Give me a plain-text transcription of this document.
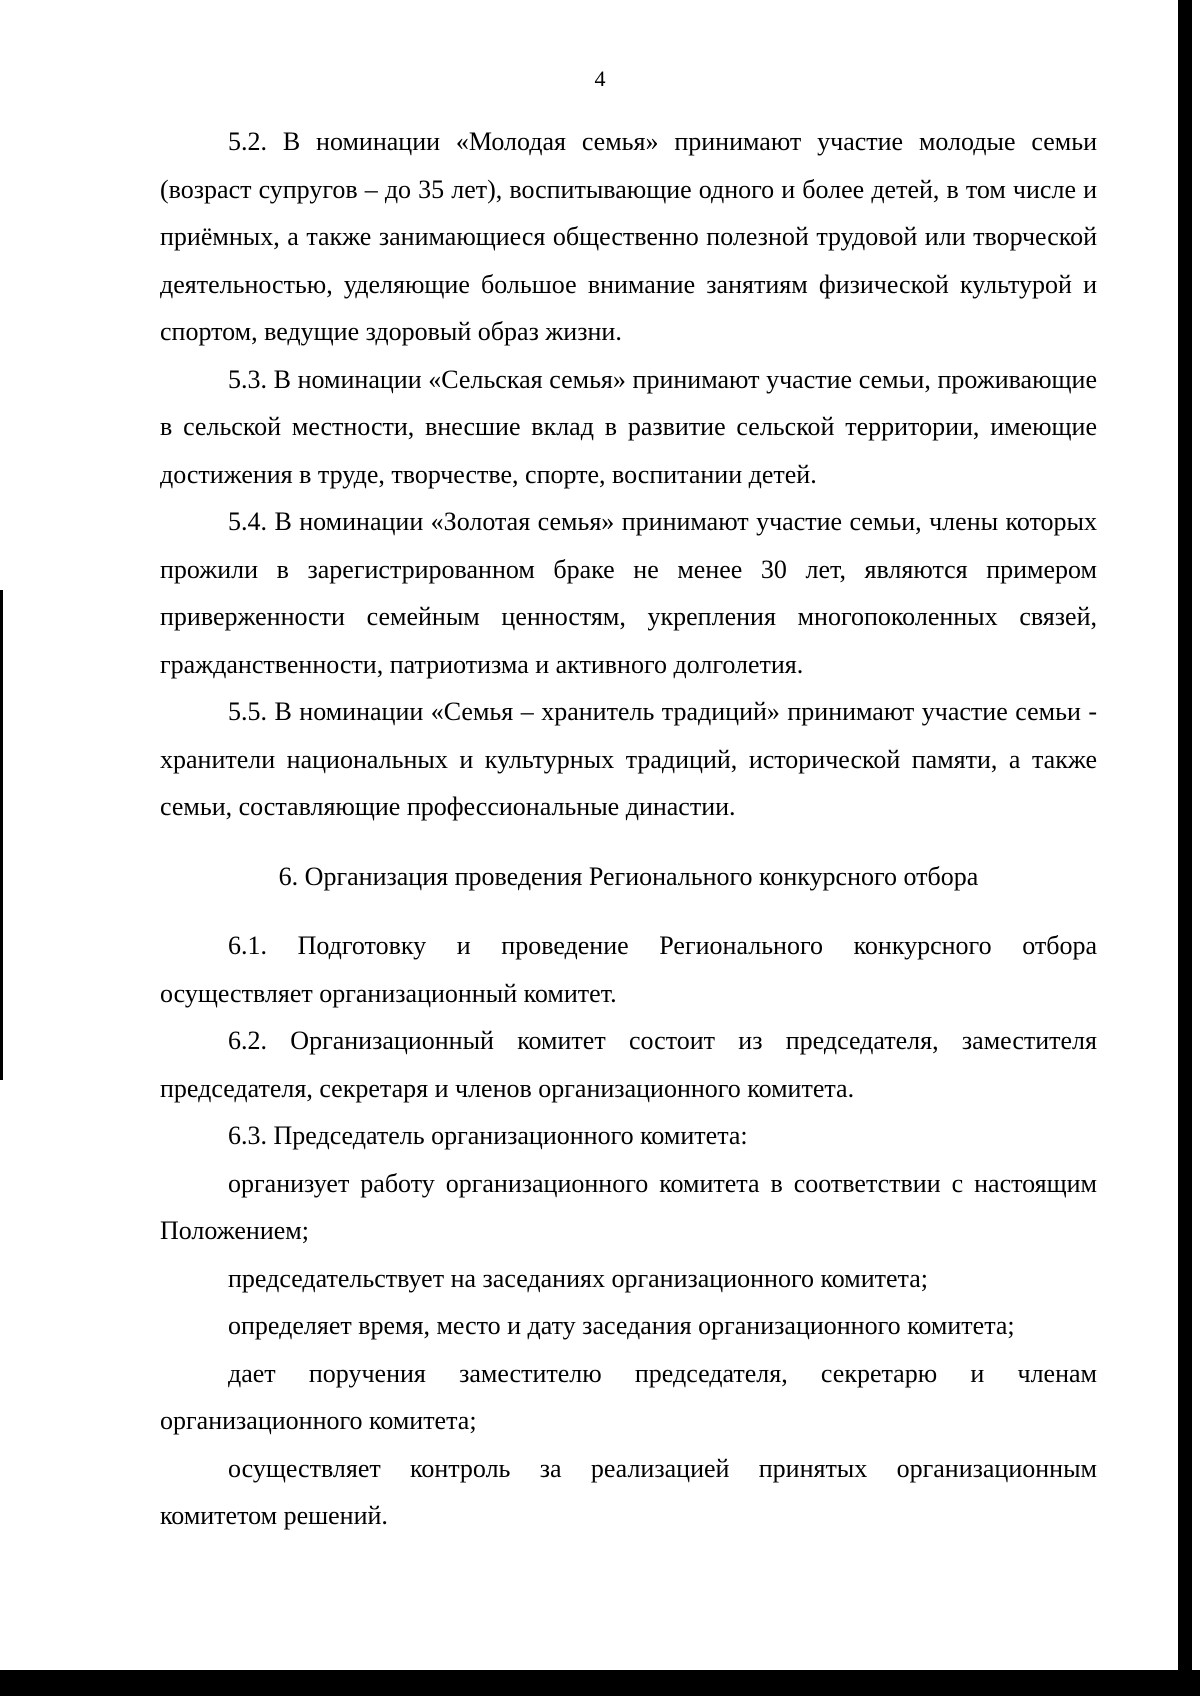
4

5.2. В номинации «Молодая семья» принимают участие молодые семьи (возраст супругов – до 35 лет), воспитывающие одного и более детей, в том числе и приёмных, а также занимающиеся общественно полезной трудовой или творческой деятельностью, уделяющие большое внимание занятиям физической культурой и спортом, ведущие здоровый образ жизни.

5.3. В номинации «Сельская семья» принимают участие семьи, проживающие в сельской местности, внесшие вклад в развитие сельской территории, имеющие достижения в труде, творчестве, спорте, воспитании детей.

5.4. В номинации «Золотая семья» принимают участие семьи, члены которых прожили в зарегистрированном браке не менее 30 лет, являются примером приверженности семейным ценностям, укрепления многопоколенных связей, гражданственности, патриотизма и активного долголетия.

5.5. В номинации «Семья – хранитель традиций» принимают участие семьи - хранители национальных и культурных традиций, исторической памяти, а также семьи, составляющие профессиональные династии.

6. Организация проведения Регионального конкурсного отбора

6.1. Подготовку и проведение Регионального конкурсного отбора осуществляет организационный комитет.

6.2. Организационный комитет состоит из председателя, заместителя председателя, секретаря и членов организационного комитета.

6.3. Председатель организационного комитета:

организует работу организационного комитета в соответствии с настоящим Положением;

председательствует на заседаниях организационного комитета;

определяет время, место и дату заседания организационного комитета;

дает поручения заместителю председателя, секретарю и членам организационного комитета;

осуществляет контроль за реализацией принятых организационным комитетом решений.
